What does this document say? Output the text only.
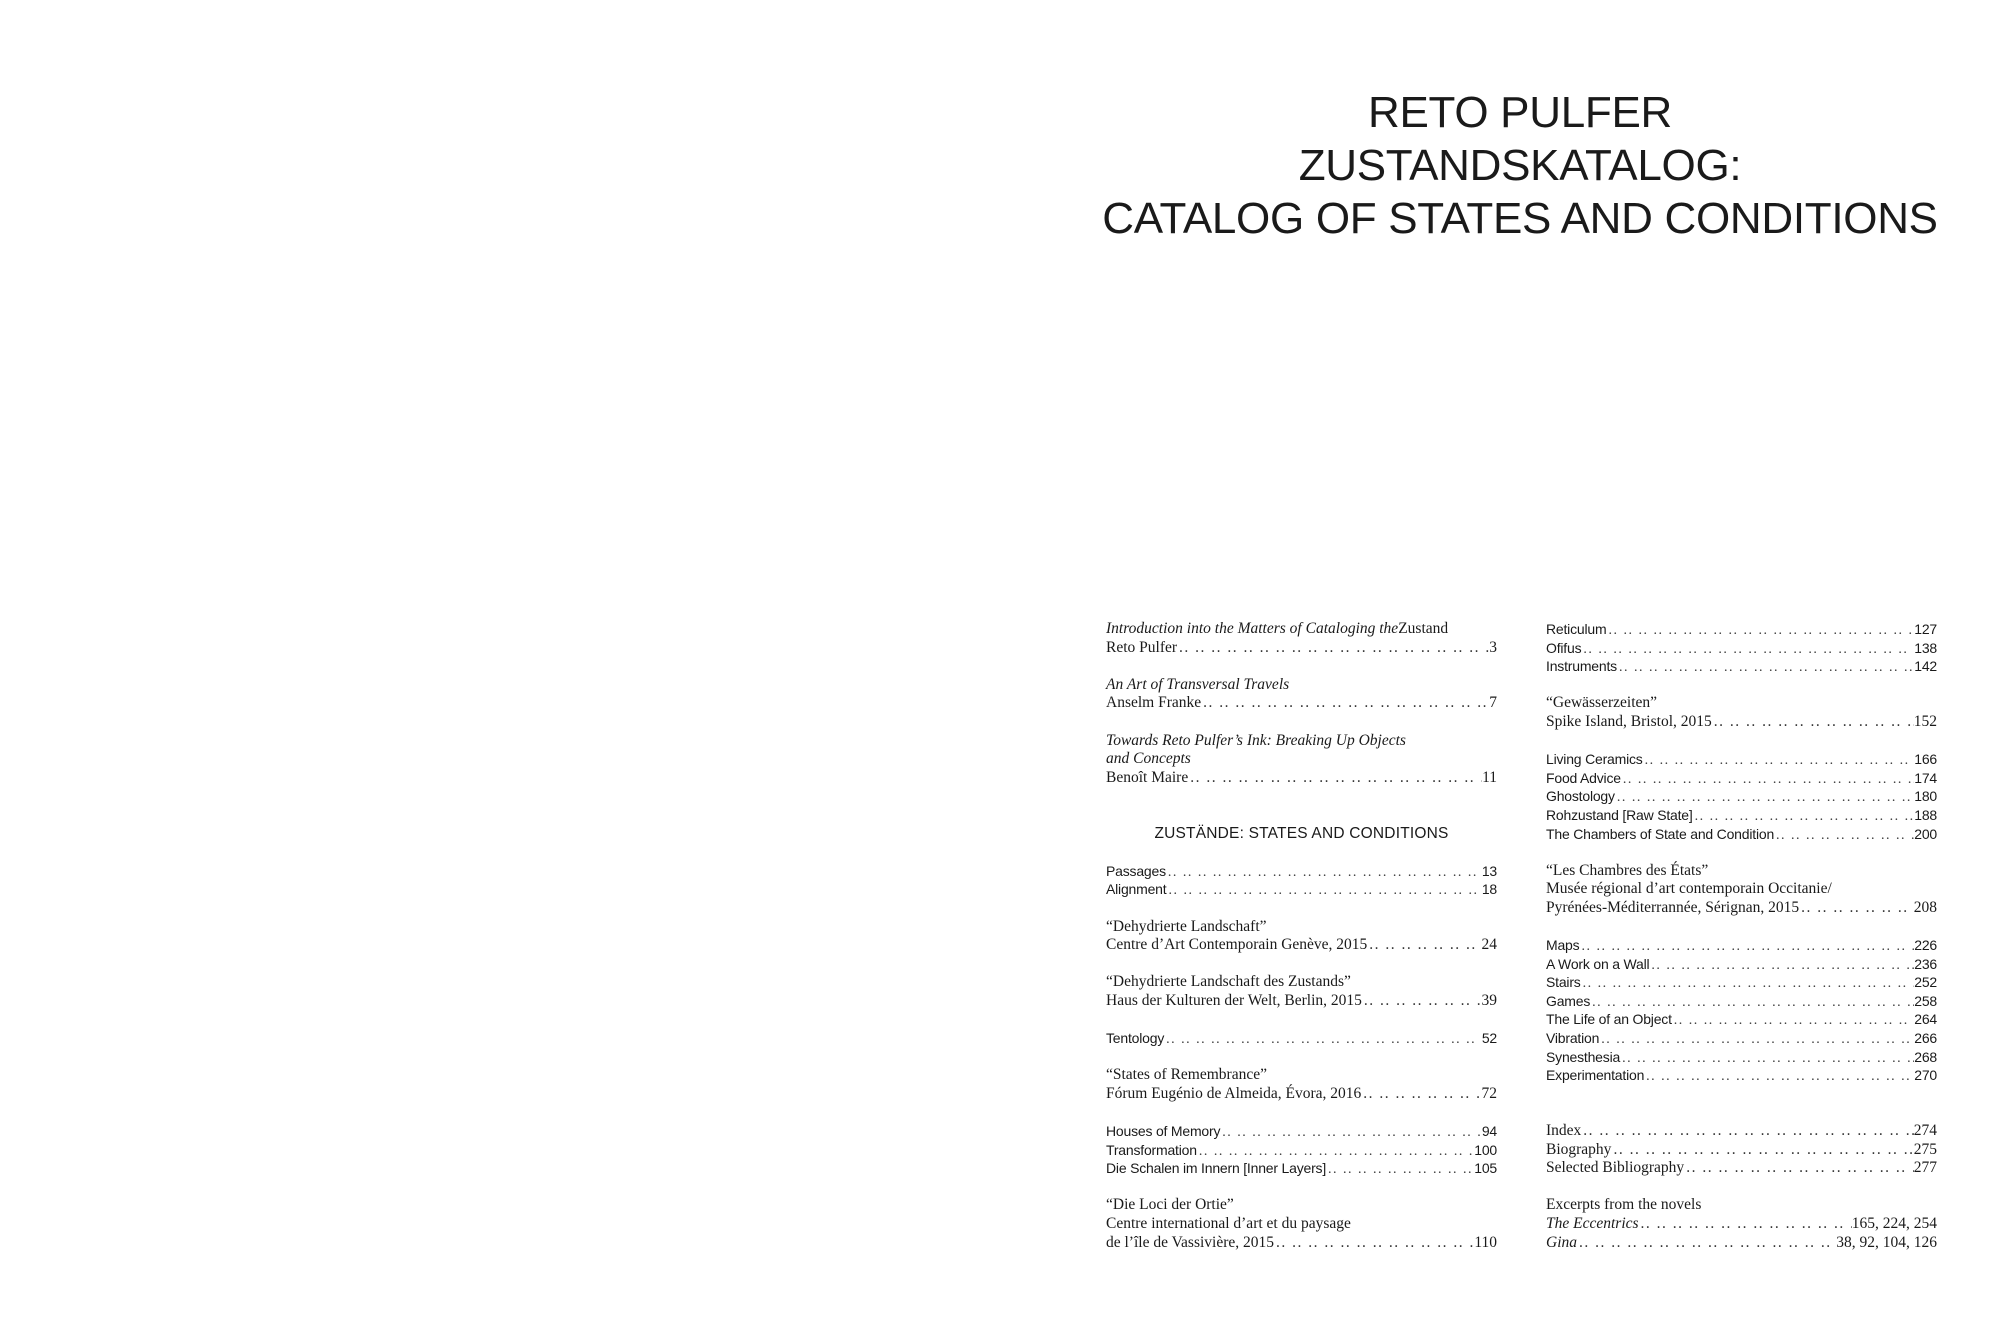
RETO PULFER
ZUSTANDSKATALOG:
CATALOG OF STATES AND CONDITIONS
Introduction into the Matters of Cataloging the Zustand
Reto Pulfer .. ..	3
An Art of Transversal Travels
Anselm Franke .. ..	7
Towards Reto Pulfer’s Ink: Breaking Up Objects
and Concepts
Benoît Maire .. ..	11
ZUSTÄNDE: STATES AND CONDITIONS
Passages .. ..	13
Alignment .. ..	18
“Dehydrierte Landschaft”
Centre d’Art Contemporain Genève, 2015 .. ..	24
“Dehydrierte Landschaft des Zustands”
Haus der Kulturen der Welt, Berlin, 2015 .. ..	39
Tentology .. ..	52
“States of Remembrance”
Fórum Eugénio de Almeida, Évora, 2016 .. ..	72
Houses of Memory .. ..	94
Transformation .. ..	100
Die Schalen im Innern [Inner Layers] .. ..	105
“Die Loci der Ortie”
Centre international d’art et du paysage
de l’île de Vassivière, 2015 .. ..	110
Reticulum .. ..	127
Ofifus .. ..	138
Instruments .. ..	142
“Gewässerzeiten”
Spike Island, Bristol, 2015 .. ..	152
Living Ceramics .. ..	166
Food Advice .. ..	174
Ghostology .. ..	180
Rohzustand [Raw State] .. ..	188
The Chambers of State and Condition .. ..	200
“Les Chambres des États”
Musée régional d’art contemporain Occitanie/
Pyrénées-Méditerrannée, Sérignan, 2015 .. ..	208
Maps .. ..	226
A Work on a Wall .. ..	236
Stairs .. ..	252
Games .. ..	258
The Life of an Object .. ..	264
Vibration .. ..	266
Synesthesia .. ..	268
Experimentation .. ..	270
Index .. ..	274
Biography .. ..	275
Selected Bibliography .. ..	277
Excerpts from the novels
The Eccentrics .. ..	165, 224, 254
Gina .. ..	38, 92, 104, 126
